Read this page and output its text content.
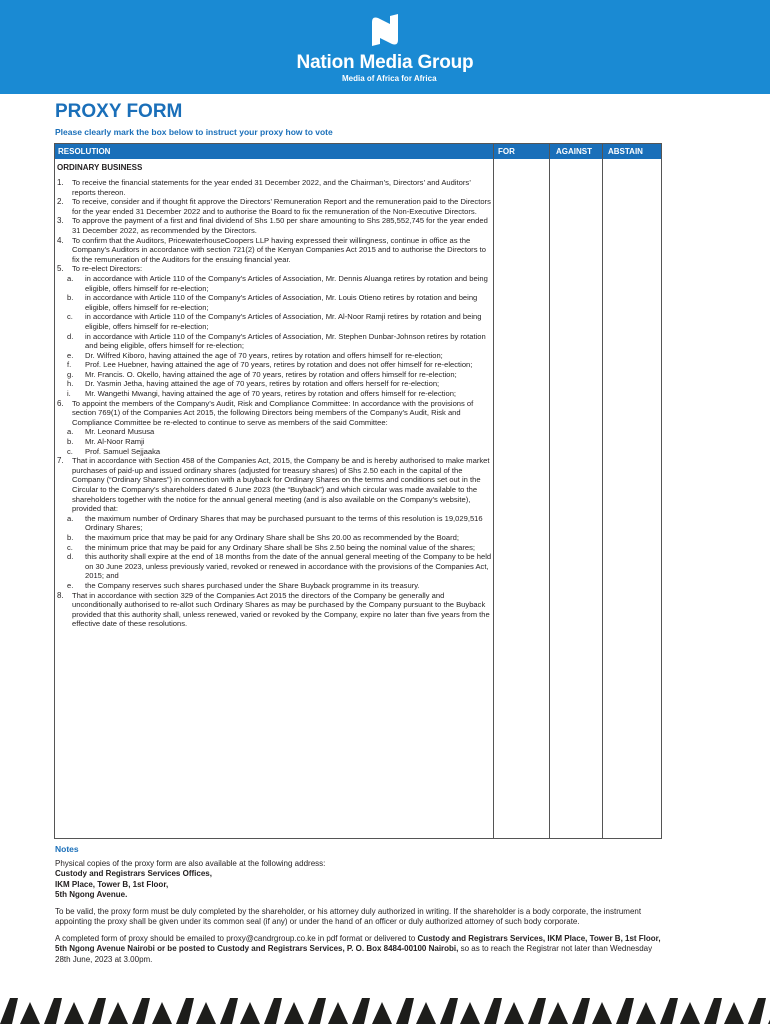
Nation Media Group
Media of Africa for Africa
PROXY FORM
Please clearly mark the box below to instruct your proxy how to vote
RESOLUTION	FOR	AGAINST ABSTAIN
ORDINARY BUSINESS
1. To receive the financial statements for the year ended 31 December 2022, and the Chairman’s, Directors’ and Auditors’ reports thereon.
2. To receive, consider and if thought fit approve the Directors’ Remuneration Report and the remuneration paid to the Directors for the year ended 31 December 2022 and to authorise the Board to fix the remuneration of the Non-Executive Directors.
3. To approve the payment of a first and final dividend of Shs 1.50 per share amounting to Shs 285,552,745 for the year ended 31 December 2022, as recommended by the Directors.
4. To confirm that the Auditors, PricewaterhouseCoopers LLP having expressed their willingness, continue in office as the Company’s Auditors in accordance with section 721(2) of the Kenyan Companies Act 2015 and to authorise the Directors to fix the remuneration of the Auditors for the ensuing financial year.
5. To re-elect Directors:
a. in accordance with Article 110 of the Company’s Articles of Association, Mr. Dennis Aluanga retires by rotation and being eligible, offers himself for re-election;
b. in accordance with Article 110 of the Company’s Articles of Association, Mr. Louis Otieno retires by rotation and being eligible, offers himself for re-election;
c. in accordance with Article 110 of the Company’s Articles of Association, Mr. Al-Noor Ramji retires by rotation and being eligible, offers himself for re-election;
d. in accordance with Article 110 of the Company’s Articles of Association, Mr. Stephen Dunbar-Johnson retires by rotation and being eligible, offers himself for re-election;
e. Dr. Wilfred Kiboro, having attained the age of 70 years, retires by rotation and offers himself for re-election;
f. Prof. Lee Huebner, having attained the age of 70 years, retires by rotation and does not offer himself for re-election;
g. Mr. Francis. O. Okello, having attained the age of 70 years, retires by rotation and offers himself for re-election;
h. Dr. Yasmin Jetha, having attained the age of 70 years, retires by rotation and offers herself for re-election;
i. Mr. Wangethi Mwangi, having attained the age of 70 years, retires by rotation and offers himself for re-election;
6. To appoint the members of the Company’s Audit, Risk and Compliance Committee: In accordance with the provisions of section 769(1) of the Companies Act 2015, the following Directors being members of the Company’s Audit, Risk and Compliance Committee be re-elected to continue to serve as members of the said Committee:
a. Mr. Leonard Mususa
b. Mr. Al-Noor Ramji
c. Prof. Samuel Sejjaaka
7. That in accordance with Section 458 of the Companies Act, 2015, the Company be and is hereby authorised to make market purchases of paid-up and issued ordinary shares (adjusted for treasury shares) of Shs 2.50 each in the capital of the Company (“Ordinary Shares”) in connection with a buyback for Ordinary Shares on the terms and conditions set out in the Circular to the Company’s shareholders dated 6 June 2023 (the “Buyback”) and which circular was made available to the shareholders together with the notice for the annual general meeting (and is also available on the Company’s website), provided that:
a. the maximum number of Ordinary Shares that may be purchased pursuant to the terms of this resolution is 19,029,516 Ordinary Shares;
b. the maximum price that may be paid for any Ordinary Share shall be Shs 20.00 as recommended by the Board;
c. the minimum price that may be paid for any Ordinary Share shall be Shs 2.50 being the nominal value of the shares;
d. this authority shall expire at the end of 18 months from the date of the annual general meeting of the Company to be held on 30 June 2023, unless previously varied, revoked or renewed in accordance with the provisions of the Companies Act, 2015; and
e. the Company reserves such shares purchased under the Share Buyback programme in its treasury.
8. That in accordance with section 329 of the Companies Act 2015 the directors of the Company be generally and unconditionally authorised to re-allot such Ordinary Shares as may be purchased by the Company pursuant to the Buyback provided that this authority shall, unless renewed, varied or revoked by the Company, expire no later than five years from the effective date of these resolutions.
Notes
Physical copies of the proxy form are also available at the following address:
Custody and Registrars Services Offices,
IKM Place, Tower B, 1st Floor,
5th Ngong Avenue.
To be valid, the proxy form must be duly completed by the shareholder, or his attorney duly authorized in writing. If the shareholder is a body corporate, the instrument appointing the proxy shall be given under its common seal (if any) or under the hand of an officer or duly authorized attorney of such body corporate.
A completed form of proxy should be emailed to proxy@candrgroup.co.ke in pdf format or delivered to Custody and Registrars Services, IKM Place, Tower B, 1st Floor, 5th Ngong Avenue Nairobi or be posted to Custody and Registrars Services, P. O. Box 8484-00100 Nairobi, so as to reach the Registrar not later than Wednesday 28th June, 2023 at 3.00pm.
